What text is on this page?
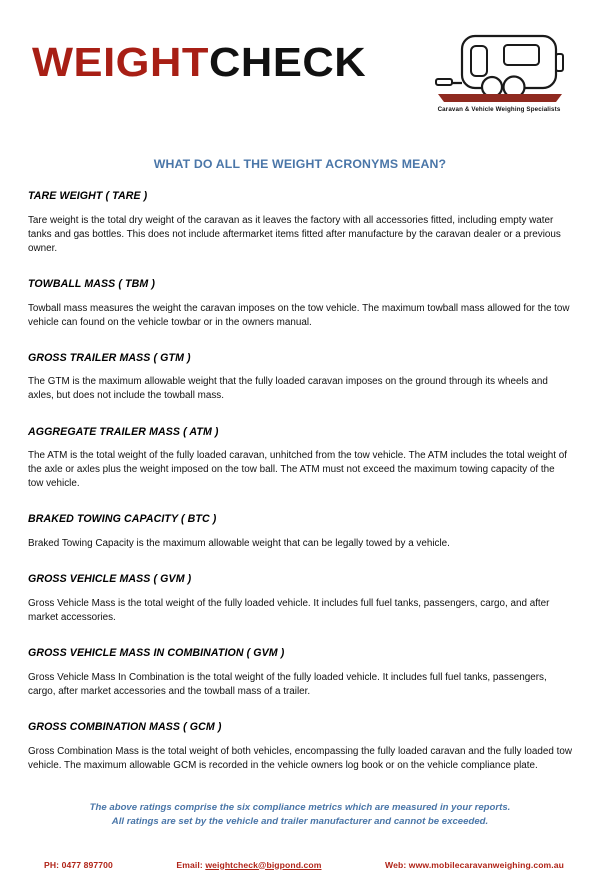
WEIGHTCHECK
Caravan & Vehicle Weighing Specialists
WHAT DO ALL THE WEIGHT ACRONYMS MEAN?
TARE WEIGHT ( TARE )

Tare weight is the total dry weight of the caravan as it leaves the factory with all accessories fitted, including empty water tanks and gas bottles. This does not include aftermarket items fitted after manufacture by the caravan dealer or a previous owner.

TOWBALL MASS ( TBM )

Towball mass measures the weight the caravan imposes on the tow vehicle. The maximum towball mass allowed for the tow vehicle can found on the vehicle towbar or in the owners manual.

GROSS TRAILER MASS ( GTM )

The GTM is the maximum allowable weight that the fully loaded caravan imposes on the ground through its wheels and axles, but does not include the towball mass.

AGGREGATE TRAILER MASS ( ATM )

The ATM is the total weight of the fully loaded caravan, unhitched from the tow vehicle. The ATM includes the total weight of the axle or axles plus the weight imposed on the tow ball. The ATM must not exceed the maximum towing capacity of the tow vehicle.

BRAKED TOWING CAPACITY ( BTC )

Braked Towing Capacity is the maximum allowable weight that can be legally towed by a vehicle.

GROSS VEHICLE MASS ( GVM )

Gross Vehicle Mass is the total weight of the fully loaded vehicle. It includes full fuel tanks, passengers, cargo, and after market accessories.

GROSS VEHICLE MASS IN COMBINATION ( GVM )

Gross Vehicle Mass In Combination is the total weight of the fully loaded vehicle. It includes full fuel tanks, passengers, cargo, after market accessories and the towball mass of a trailer.

GROSS COMBINATION MASS ( GCM )

Gross Combination Mass is the total weight of both vehicles, encompassing the fully loaded caravan and the fully loaded tow vehicle. The maximum allowable GCM is recorded in the vehicle owners log book or on the vehicle compliance plate.

The above ratings comprise the six compliance metrics which are measured in your reports.
All ratings are set by the vehicle and trailer manufacturer and cannot be exceeded.
PH: 0477 897700	Email: weightcheck@bigpond.com	Web: www.mobilecaravanweighing.com.au
